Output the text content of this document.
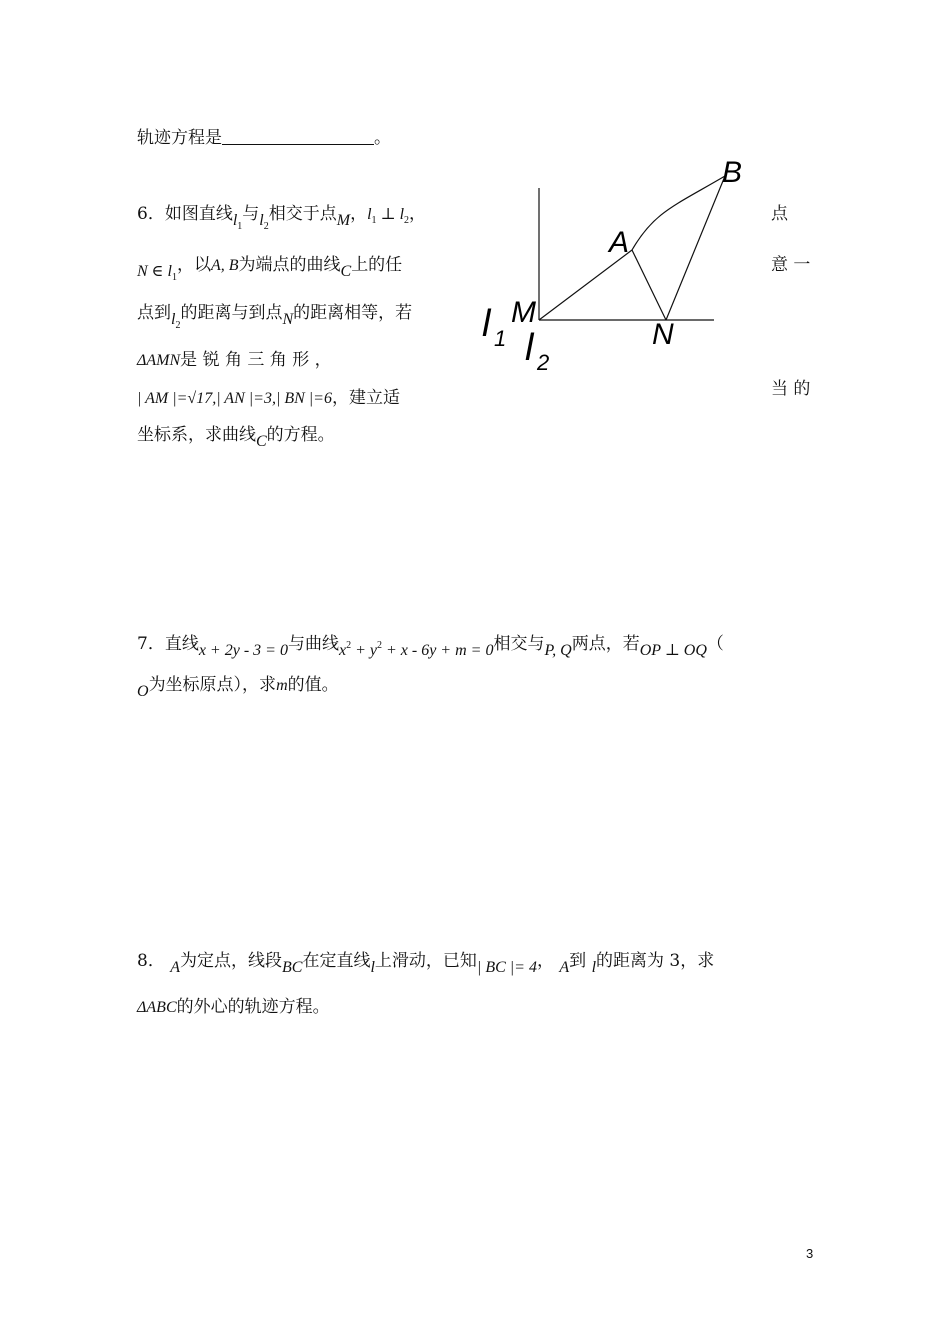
轨迹方程是	。
6．如图直线$l_1$与$l_2$相交于点M，$l_1$ ⊥ $l_2$，	点
N ∈ $l_1$，以A, B为端点的曲线C上的任	意 一
点到$l_2$的距离与到点N的距离相等，若
ΔAMN是 锐 角 三 角 形 ，
| AM |=√17,| AN |=3,| BN |=6，建立适	当 的
坐标系，求曲线C的方程。
B
A
M
N
l 1 l 2
7．直线x + 2y - 3 = 0与曲线$x^2 + y^2 + x - 6y + m = 0$相交与P, Q两点，若OP ⊥ OQ（
O为坐标原点），求m的值。
8． A为定点，线段BC在定直线l上滑动，已知| BC |= 4， A到 l的距离为 3，求
ΔABC的外心的轨迹方程。
3
